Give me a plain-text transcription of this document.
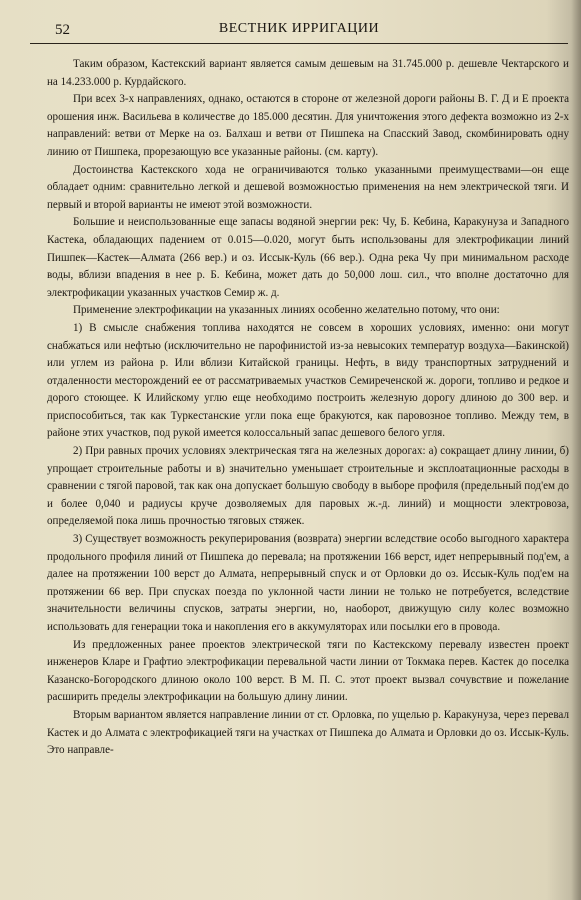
52	ВЕСТНИК ИРРИГАЦИИ

Таким образом, Кастекский вариант является самым дешевым на 31.745.000 р. дешевле Чектарского и на 14.233.000 р. Курдайского.

При всех 3-х направлениях, однако, остаются в стороне от железной дороги районы В. Г. Д и Е проекта орошения инж. Васильева в количестве до 185.000 десятин. Для уничтожения этого дефекта возможно из 2-х направлений: ветви от Мерке на оз. Балхаш и ветви от Пишпека на Спасский Завод, скомбинировать одну линию от Пишпека, прорезающую все указанные районы. (см. карту).

Достоинства Кастекского хода не ограничиваются только указанными преимуществами—он еще обладает одним: сравнительно легкой и дешевой возможностью применения на нем электрической тяги. И первый и второй варианты не имеют этой возможности.

Большие и неиспользованные еще запасы водяной энергии рек: Чу, Б. Кебина, Каракунуза и Западного Кастека, обладающих падением от 0.015—0.020, могут быть использованы для электрофикации линий Пишпек—Кастек—Алмата (266 вер.) и оз. Иссык-Куль (66 вер.). Одна река Чу при минимальном расходе воды, вблизи впадения в нее р. Б. Кебина, может дать до 50,000 лош. сил., что вполне достаточно для электрофикации указанных участков Семир ж. д.

Применение электрофикации на указанных линиях особенно желательно потому, что они:

1) В смысле снабжения топлива находятся не совсем в хороших условиях, именно: они могут снабжаться или нефтью (исключительно не парофинистой из-за невысоких температур воздуха—Бакинской) или углем из района р. Или вблизи Китайской границы. Нефть, в виду транспортных затруднений и отдаленности месторождений ее от рассматриваемых участков Семиреченской ж. дороги, топливо и редкое и дорого стоющее. К Илийскому углю еще необходимо построить железную дорогу длиною до 300 вер. и приспособиться, так как Туркестанские угли пока еще бракуются, как паровозное топливо. Между тем, в районе этих участков, под рукой имеется колоссальный запас дешевого белого угля.

2) При равных прочих условиях электрическая тяга на железных дорогах: а) сокращает длину линии, б) упрощает строительные работы и в) значительно уменьшает строительные и эксплоатационные расходы в сравнении с тягой паровой, так как она допускает большую свободу в выборе профиля (предельный под'ем до и более 0,040 и радиусы круче дозволяемых для паровых ж.-д. линий) и мощности электровоза, определяемой пока лишь прочностью тяговых стяжек.

3) Существует возможность рекуперирования (возврата) энергии вследствие особо выгодного характера продольного профиля линий от Пишпека до перевала; на протяжении 166 верст, идет непрерывный под'ем, а далее на протяжении 100 верст до Алмата, непрерывный спуск и от Орловки до оз. Иссык-Куль под'ем на протяжении 66 вер. При спусках поезда по уклонной части линии не только не потребуется, вследствие значительности величины спусков, затраты энергии, но, наоборот, движущую силу колес возможно использовать для генерации тока и накопления его в аккумуляторах или посылки его в провода.

Из предложенных ранее проектов электрической тяги по Кастекскому перевалу известен проект инженеров Кларе и Графтио электрофикации перевальной части линии от Токмака перев. Кастек до поселка Казанско-Богородского длиною около 100 верст. В М. П. С. этот проект вызвал сочувствие и пожелание расширить пределы электрофикации на большую длину линии.

Вторым вариантом является направление линии от ст. Орловка, по ущелью р. Каракунуза, через перевал Кастек и до Алмата с электрофикацией тяги на участках от Пишпека до Алмата и Орловки до оз. Иссык-Куль. Это направле-
